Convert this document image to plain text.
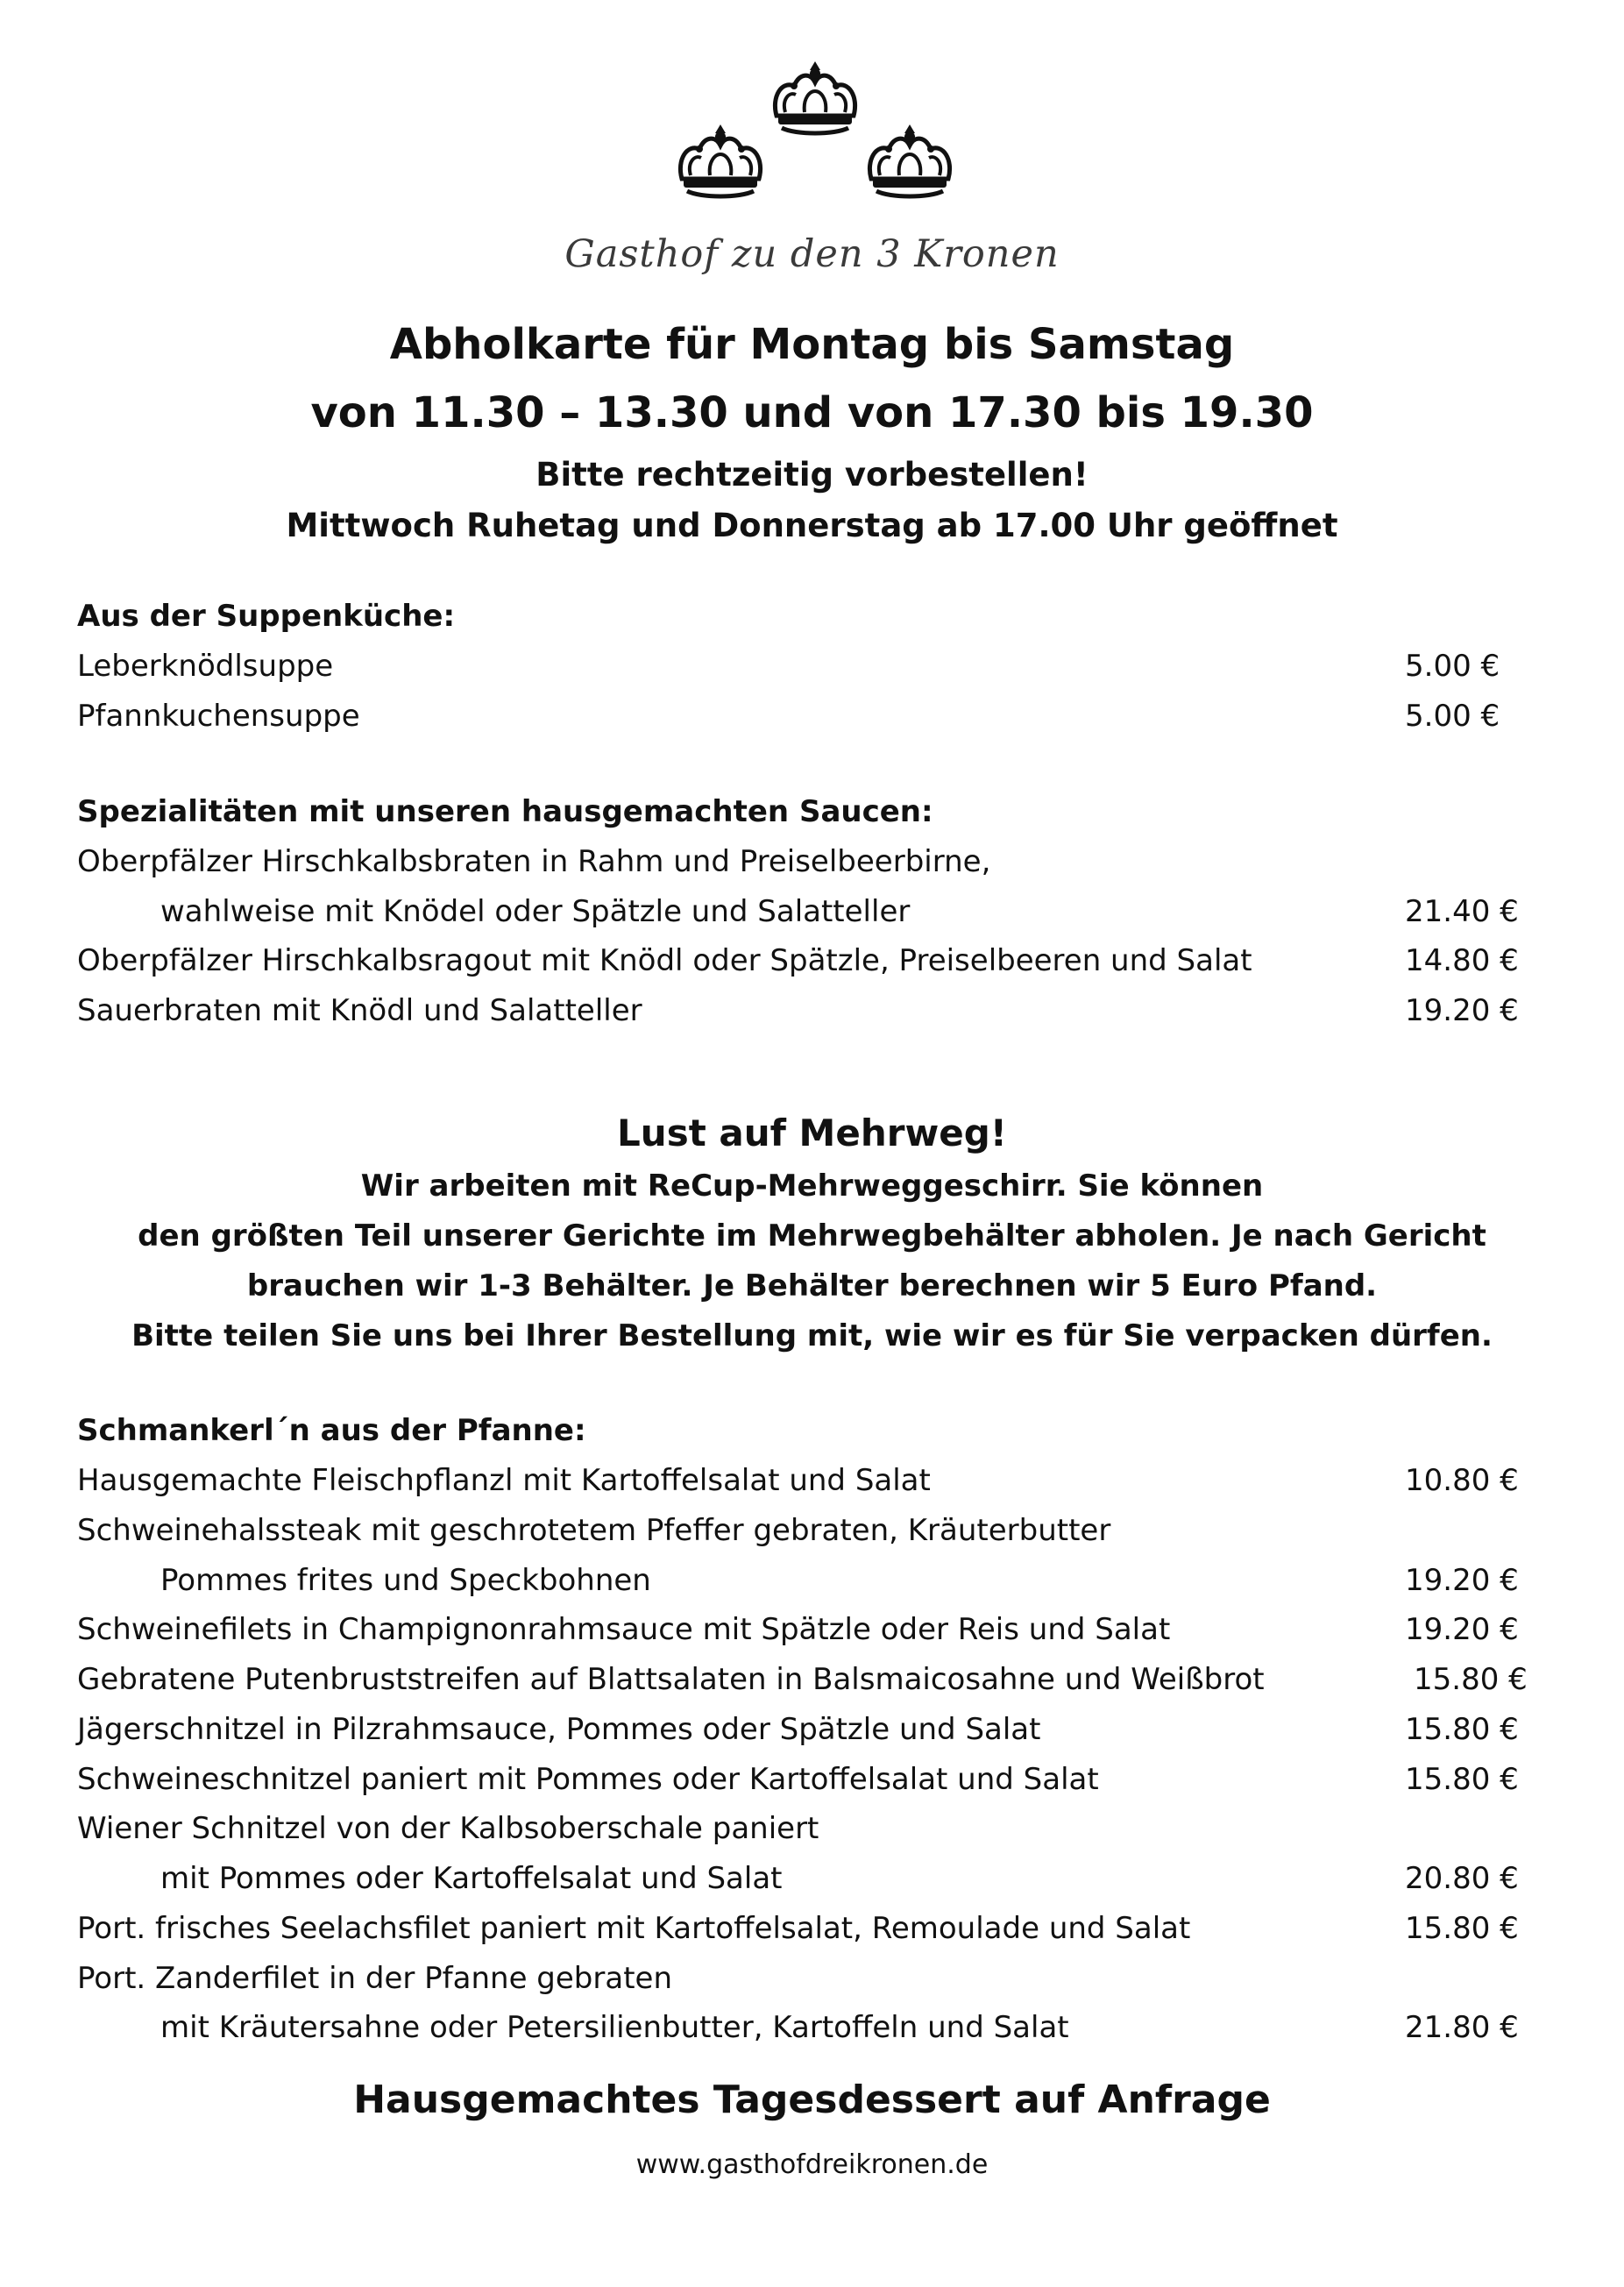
Gasthof zu den 3 Kronen
Abholkarte für Montag bis Samstag
von 11.30 – 13.30 und von 17.30 bis 19.30
Bitte rechtzeitig vorbestellen!
Mittwoch Ruhetag und Donnerstag ab 17.00 Uhr geöffnet
Aus der Suppenküche:
Leberknödlsuppe	5.00 €
Pfannkuchensuppe	5.00 €
Spezialitäten mit unseren hausgemachten Saucen:
Oberpfälzer Hirschkalbsbraten in Rahm und Preiselbeerbirne,
wahlweise mit Knödel oder Spätzle und Salatteller	21.40 €
Oberpfälzer Hirschkalbsragout mit Knödl oder Spätzle, Preiselbeeren und Salat	14.80 €
Sauerbraten mit Knödl und Salatteller	19.20 €
Lust auf Mehrweg!
Wir arbeiten mit ReCup-Mehrweggeschirr. Sie können
den größten Teil unserer Gerichte im Mehrwegbehälter abholen. Je nach Gericht
brauchen wir 1-3 Behälter. Je Behälter berechnen wir 5 Euro Pfand.
Bitte teilen Sie uns bei Ihrer Bestellung mit, wie wir es für Sie verpacken dürfen.
Schmankerl´n aus der Pfanne:
Hausgemachte Fleischpflanzl mit Kartoffelsalat und Salat	10.80 €
Schweinehalssteak mit geschrotetem Pfeffer gebraten, Kräuterbutter
Pommes frites und Speckbohnen	19.20 €
Schweinefilets in Champignonrahmsauce mit Spätzle oder Reis und Salat	19.20 €
Gebratene Putenbruststreifen auf Blattsalaten in Balsmaicosahne und Weißbrot	15.80 €
Jägerschnitzel in Pilzrahmsauce, Pommes oder Spätzle und Salat	15.80 €
Schweineschnitzel paniert mit Pommes oder Kartoffelsalat und Salat	15.80 €
Wiener Schnitzel von der Kalbsoberschale paniert
mit Pommes oder Kartoffelsalat und Salat	20.80 €
Port. frisches Seelachsfilet paniert mit Kartoffelsalat, Remoulade und Salat	15.80 €
Port. Zanderfilet in der Pfanne gebraten
mit Kräutersahne oder Petersilienbutter, Kartoffeln und Salat	21.80 €
Hausgemachtes Tagesdessert auf Anfrage
www.gasthofdreikronen.de
